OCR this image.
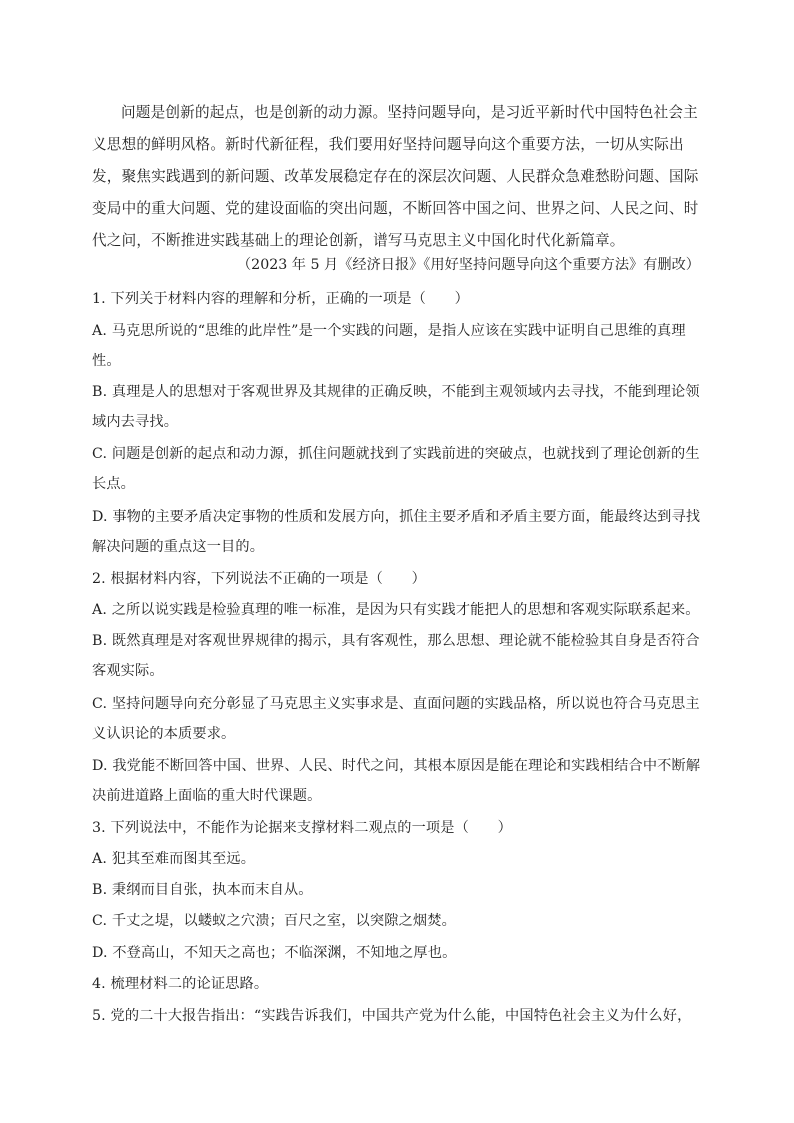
问题是创新的起点，也是创新的动力源。坚持问题导向，是习近平新时代中国特色社会主义思想的鲜明风格。新时代新征程，我们要用好坚持问题导向这个重要方法，一切从实际出发，聚焦实践遇到的新问题、改革发展稳定存在的深层次问题、人民群众急难愁盼问题、国际变局中的重大问题、党的建设面临的突出问题，不断回答中国之问、世界之问、人民之问、时代之问，不断推进实践基础上的理论创新，谱写马克思主义中国化时代化新篇章。

（2023 年 5 月《经济日报》《用好坚持问题导向这个重要方法》有删改）

1. 下列关于材料内容的理解和分析，正确的一项是（　　）

A. 马克思所说的“思维的此岸性”是一个实践的问题，是指人应该在实践中证明自己思维的真理

性。

B. 真理是人的思想对于客观世界及其规律的正确反映，不能到主观领域内去寻找，不能到理论领

域内去寻找。

C. 问题是创新的起点和动力源，抓住问题就找到了实践前进的突破点，也就找到了理论创新的生

长点。

D. 事物的主要矛盾决定事物的性质和发展方向，抓住主要矛盾和矛盾主要方面，能最终达到寻找

解决问题的重点这一目的。

2. 根据材料内容，下列说法不正确的一项是（　　）

A. 之所以说实践是检验真理的唯一标准，是因为只有实践才能把人的思想和客观实际联系起来。

B. 既然真理是对客观世界规律的揭示，具有客观性，那么思想、理论就不能检验其自身是否符合

客观实际。

C. 坚持问题导向充分彰显了马克思主义实事求是、直面问题的实践品格，所以说也符合马克思主

义认识论的本质要求。

D. 我党能不断回答中国、世界、人民、时代之问，其根本原因是能在理论和实践相结合中不断解

决前进道路上面临的重大时代课题。

3. 下列说法中，不能作为论据来支撑材料二观点的一项是（　　）

A. 犯其至难而图其至远。

B. 秉纲而目自张，执本而末自从。

C. 千丈之堤，以蝼蚁之穴溃；百尺之室，以突隙之烟焚。

D. 不登高山，不知天之高也；不临深渊，不知地之厚也。

4. 梳理材料二的论证思路。

5. 党的二十大报告指出：“实践告诉我们，中国共产党为什么能，中国特色社会主义为什么好，
